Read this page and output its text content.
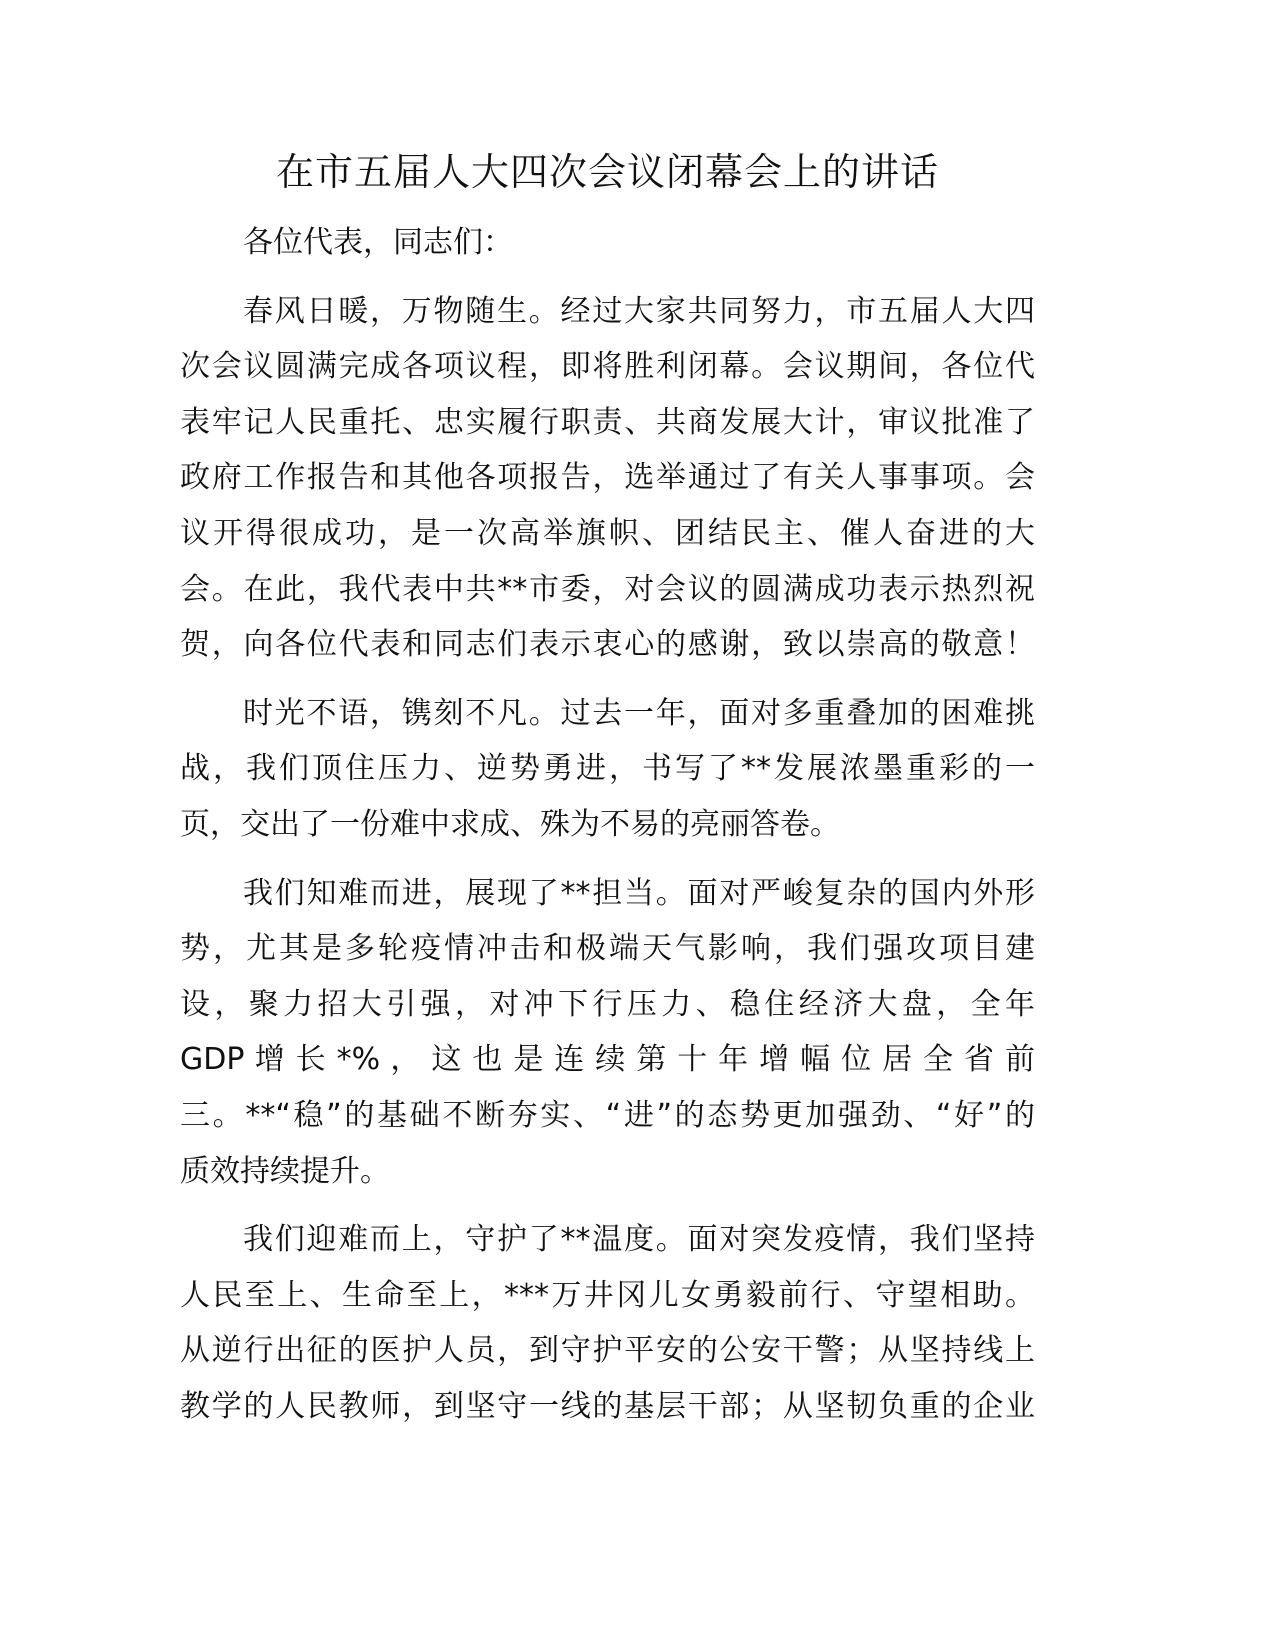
在市五届人大四次会议闭幕会上的讲话
各位代表，同志们：
春风日暖，万物随生。经过大家共同努力，市五届人大四
次会议圆满完成各项议程，即将胜利闭幕。会议期间，各位代
表牢记人民重托、忠实履行职责、共商发展大计，审议批准了
政府工作报告和其他各项报告，选举通过了有关人事事项。会
议开得很成功，是一次高举旗帜、团结民主、催人奋进的大
会。在此，我代表中共**市委，对会议的圆满成功表示热烈祝
贺，向各位代表和同志们表示衷心的感谢，致以崇高的敬意！
时光不语，镌刻不凡。过去一年，面对多重叠加的困难挑
战，我们顶住压力、逆势勇进，书写了**发展浓墨重彩的一
页，交出了一份难中求成、殊为不易的亮丽答卷。
我们知难而进，展现了**担当。面对严峻复杂的国内外形
势，尤其是多轮疫情冲击和极端天气影响，我们强攻项目建
设，聚力招大引强，对冲下行压力、稳住经济大盘，全年
GDP 增 长 *% ， 这 也 是 连 续 第 十 年 增 幅 位 居 全 省 前
三。**“稳”的基础不断夯实、“进”的态势更加强劲、“好”的
质效持续提升。
我们迎难而上，守护了**温度。面对突发疫情，我们坚持
人民至上、生命至上，***万井冈儿女勇毅前行、守望相助。
从逆行出征的医护人员，到守护平安的公安干警；从坚持线上
教学的人民教师，到坚守一线的基层干部；从坚韧负重的企业
